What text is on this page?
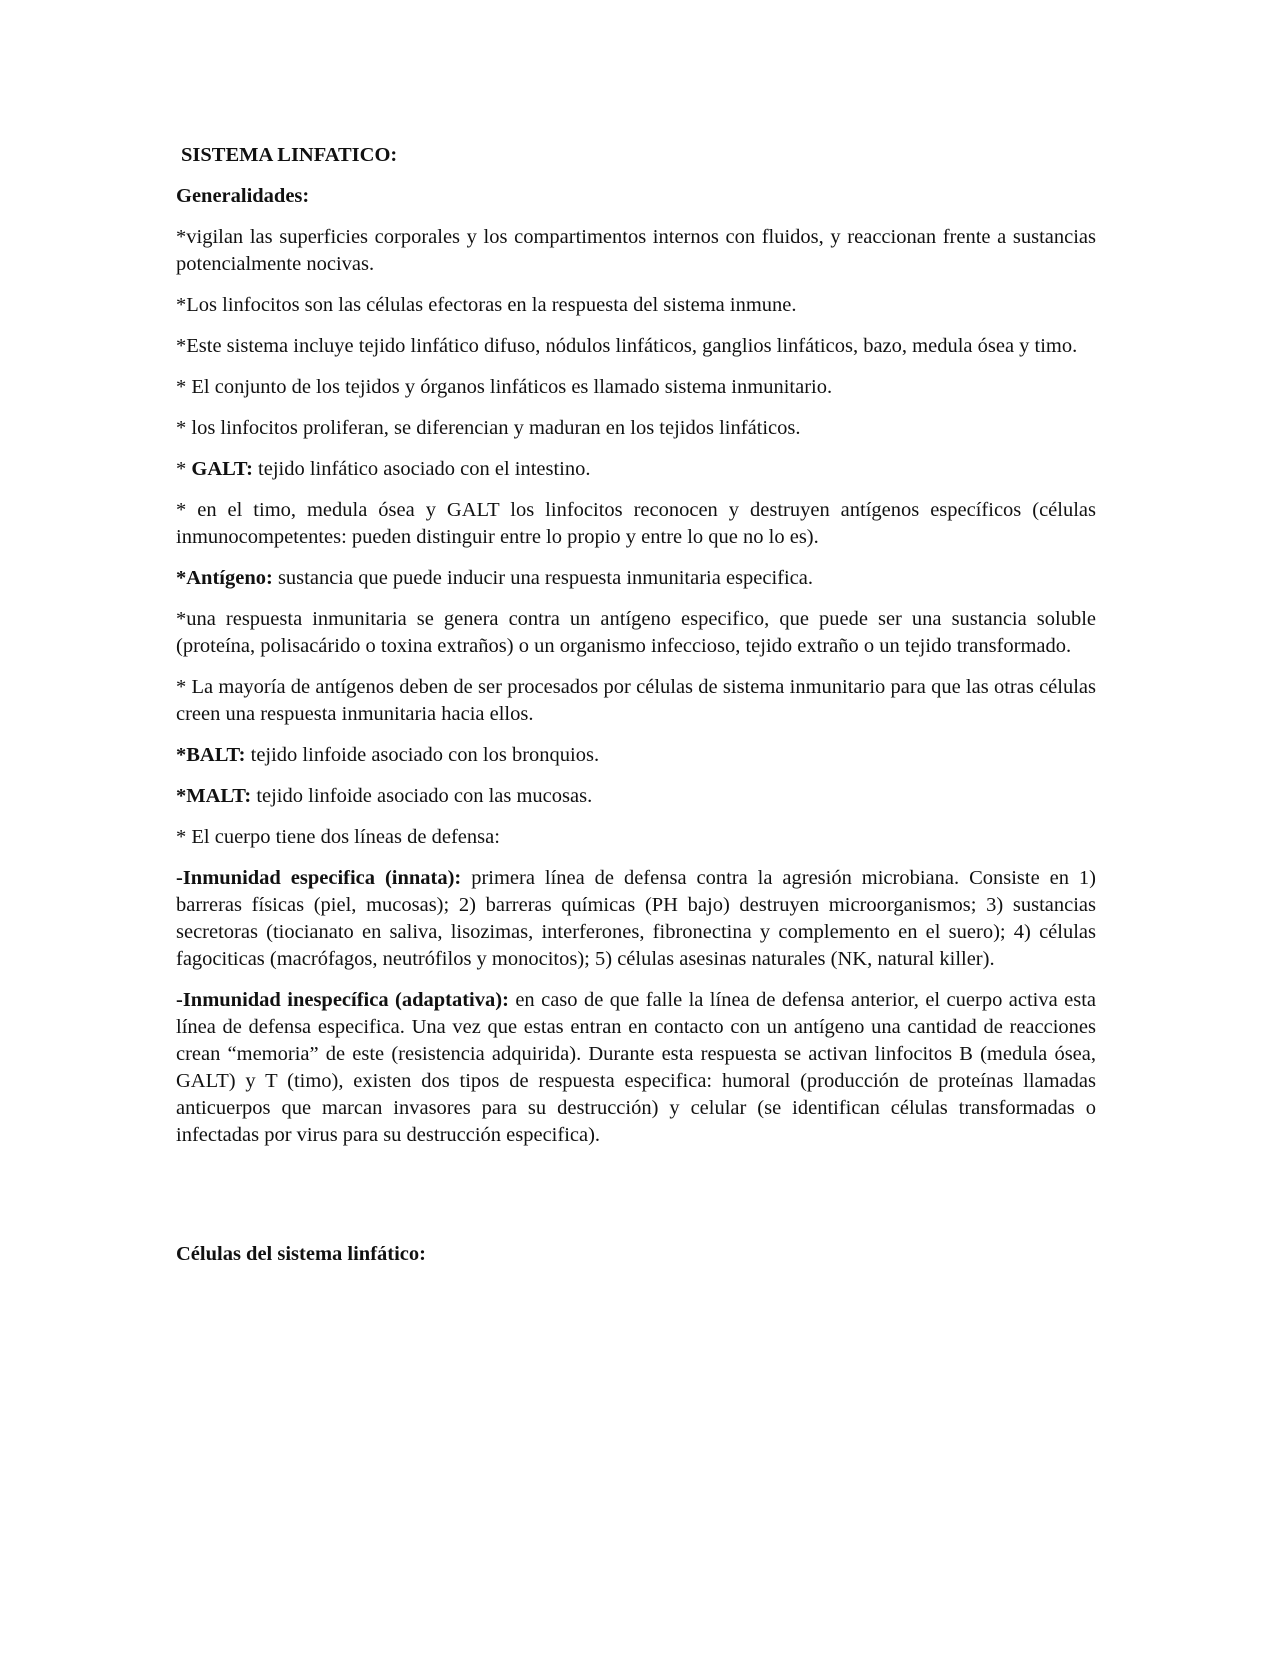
SISTEMA LINFATICO:
Generalidades:

*vigilan las superficies corporales y los compartimentos internos con fluidos, y reaccionan frente a sustancias potencialmente nocivas.

*Los linfocitos son las células efectoras en la respuesta del sistema inmune.

*Este sistema incluye tejido linfático difuso, nódulos linfáticos, ganglios linfáticos, bazo, medula ósea y timo.

* El conjunto de los tejidos y órganos linfáticos es llamado sistema inmunitario.

* los linfocitos proliferan, se diferencian y maduran en los tejidos linfáticos.

* GALT: tejido linfático asociado con el intestino.

* en el timo, medula ósea y GALT los linfocitos reconocen y destruyen antígenos específicos (células inmunocompetentes: pueden distinguir entre lo propio y entre lo que no lo es).

*Antígeno: sustancia que puede inducir una respuesta inmunitaria especifica.

*una respuesta inmunitaria se genera contra un antígeno especifico, que puede ser una sustancia soluble (proteína, polisacárido o toxina extraños) o un organismo infeccioso, tejido extraño o un tejido transformado.

* La mayoría de antígenos deben de ser procesados por células de sistema inmunitario para que las otras células creen una respuesta inmunitaria hacia ellos.

*BALT: tejido linfoide asociado con los bronquios.

*MALT: tejido linfoide asociado con las mucosas.

* El cuerpo tiene dos líneas de defensa:

-Inmunidad especifica (innata): primera línea de defensa contra la agresión microbiana. Consiste en 1) barreras físicas (piel, mucosas); 2) barreras químicas (PH bajo) destruyen microorganismos; 3) sustancias secretoras (tiocianato en saliva, lisozimas, interferones, fibronectina y complemento en el suero); 4) células fagociticas (macrófagos, neutrófilos y monocitos); 5) células asesinas naturales (NK, natural killer).

-Inmunidad inespecífica (adaptativa): en caso de que falle la línea de defensa anterior, el cuerpo activa esta línea de defensa especifica. Una vez que estas entran en contacto con un antígeno una cantidad de reacciones crean “memoria” de este (resistencia adquirida). Durante esta respuesta se activan linfocitos B (medula ósea, GALT) y T (timo), existen dos tipos de respuesta especifica: humoral (producción de proteínas llamadas anticuerpos que marcan invasores para su destrucción) y celular (se identifican células transformadas o infectadas por virus para su destrucción especifica).

Células del sistema linfático:
